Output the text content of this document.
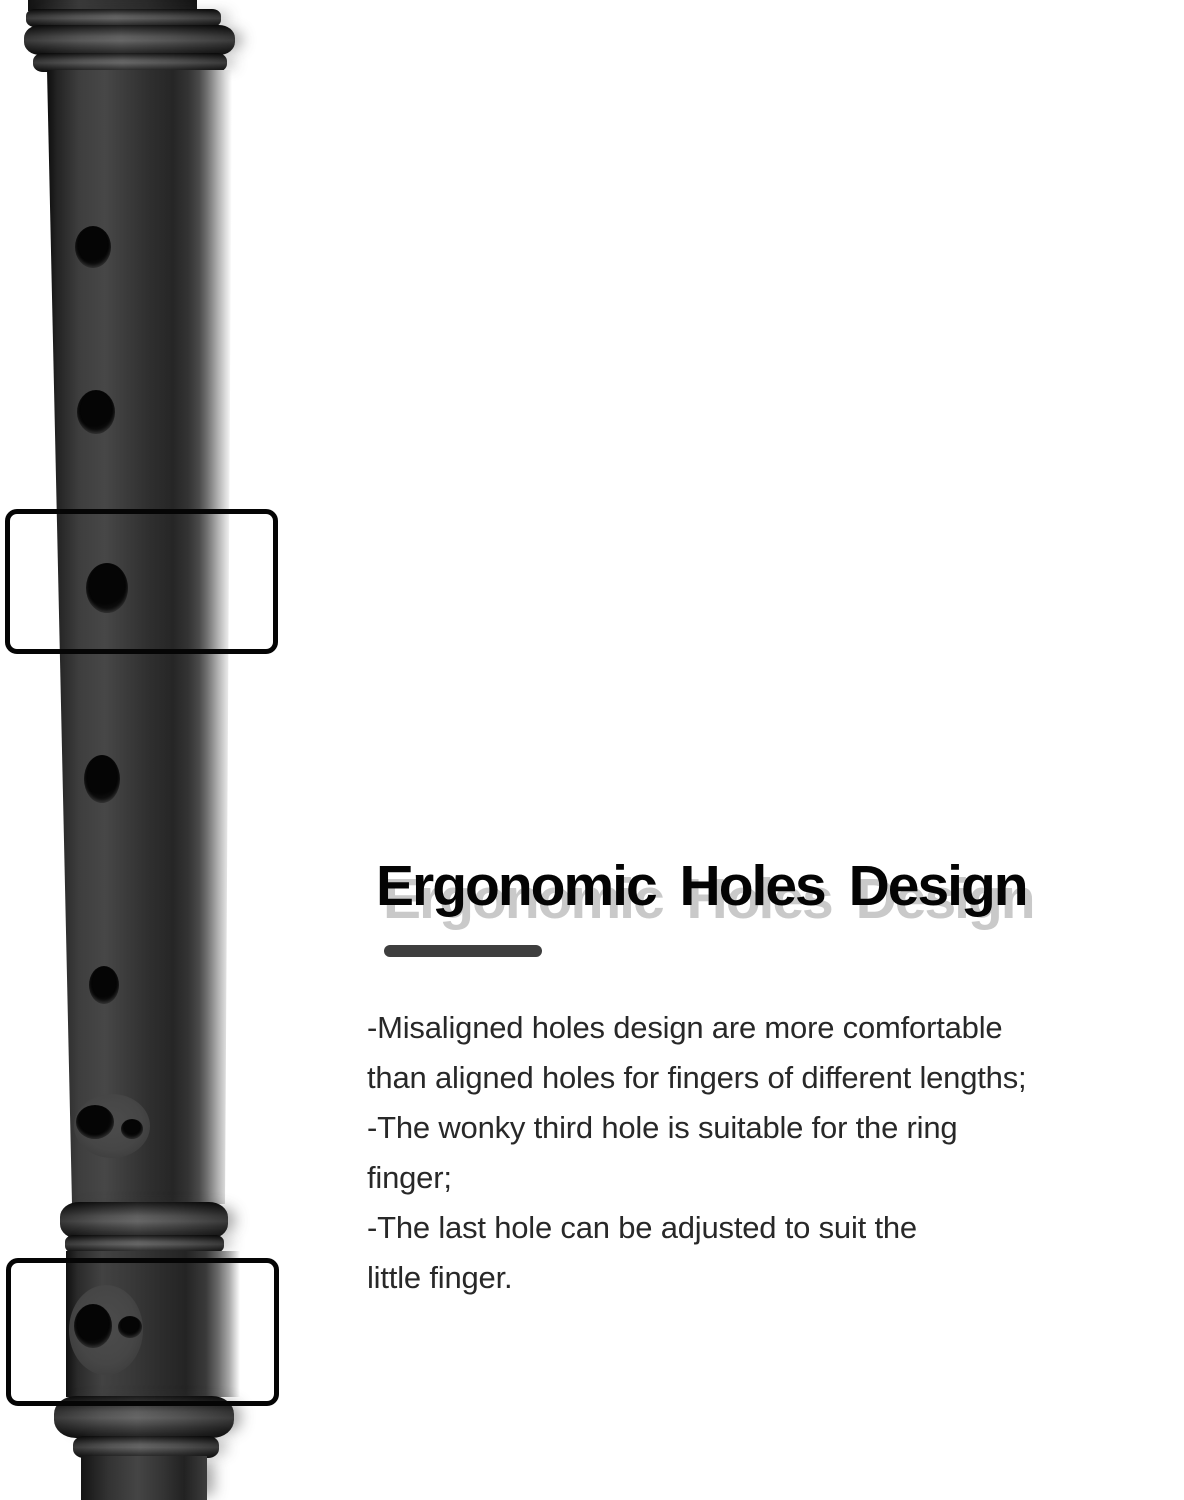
Ergonomic Holes Design
-Misaligned holes design are more comfortable
than aligned holes for fingers of different lengths;
-The wonky third hole is suitable for the ring
finger;
-The last hole can be adjusted to suit the
little finger.
